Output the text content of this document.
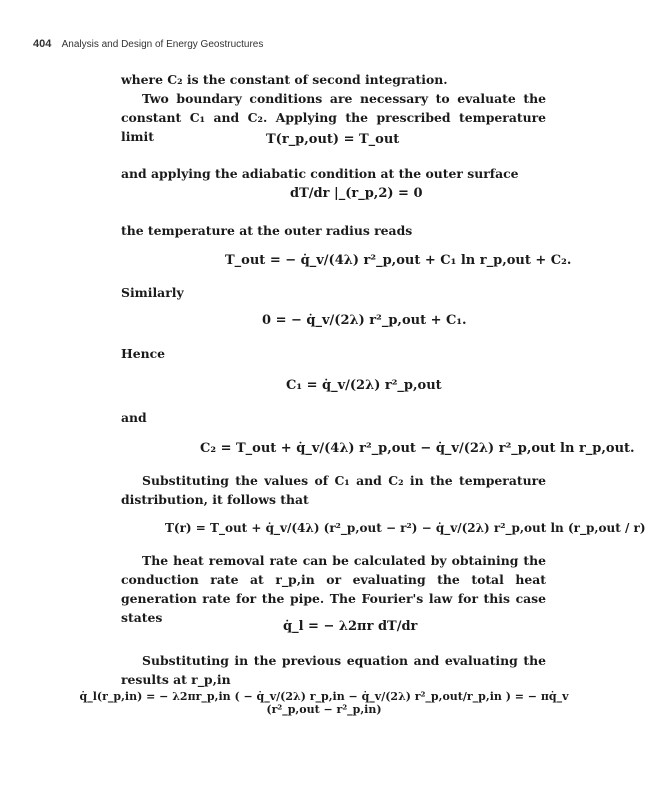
404 Analysis and Design of Energy Geostructures

where C₂ is the constant of second integration.

Two boundary conditions are necessary to evaluate the constant C₁ and C₂. Applying the prescribed temperature limit	T(r_p,out) = T_out

and applying the adiabatic condition at the outer surface

dT/dr |_(r_p,2) = 0

the temperature at the outer radius reads

T_out = − q̇_v/(4λ) r²_p,out + C₁ ln r_p,out + C₂.
Similarly
0 = − q̇_v/(2λ) r²_p,out + C₁.
Hence
C₁ = q̇_v/(2λ) r²_p,out
and
C₂ = T_out + q̇_v/(4λ) r²_p,out − q̇_v/(2λ) r²_p,out ln r_p,out.

Substituting the values of C₁ and C₂ in the temperature distribution, it follows that

T(r) = T_out + q̇_v/(4λ) (r²_p,out − r²) − q̇_v/(2λ) r²_p,out ln (r_p,out / r)

The heat removal rate can be calculated by obtaining the conduction rate at r_p,in or evaluating the total heat generation rate for the pipe. The Fourier's law for this case states

q̇_l = − λ2πr dT/dr

Substituting in the previous equation and evaluating the results at r_p,in

q̇_l(r_p,in) = − λ2πr_p,in ( − q̇_v/(2λ) r_p,in − q̇_v/(2λ) r²_p,out/r_p,in ) = − πq̇_v (r²_p,out − r²_p,in)
